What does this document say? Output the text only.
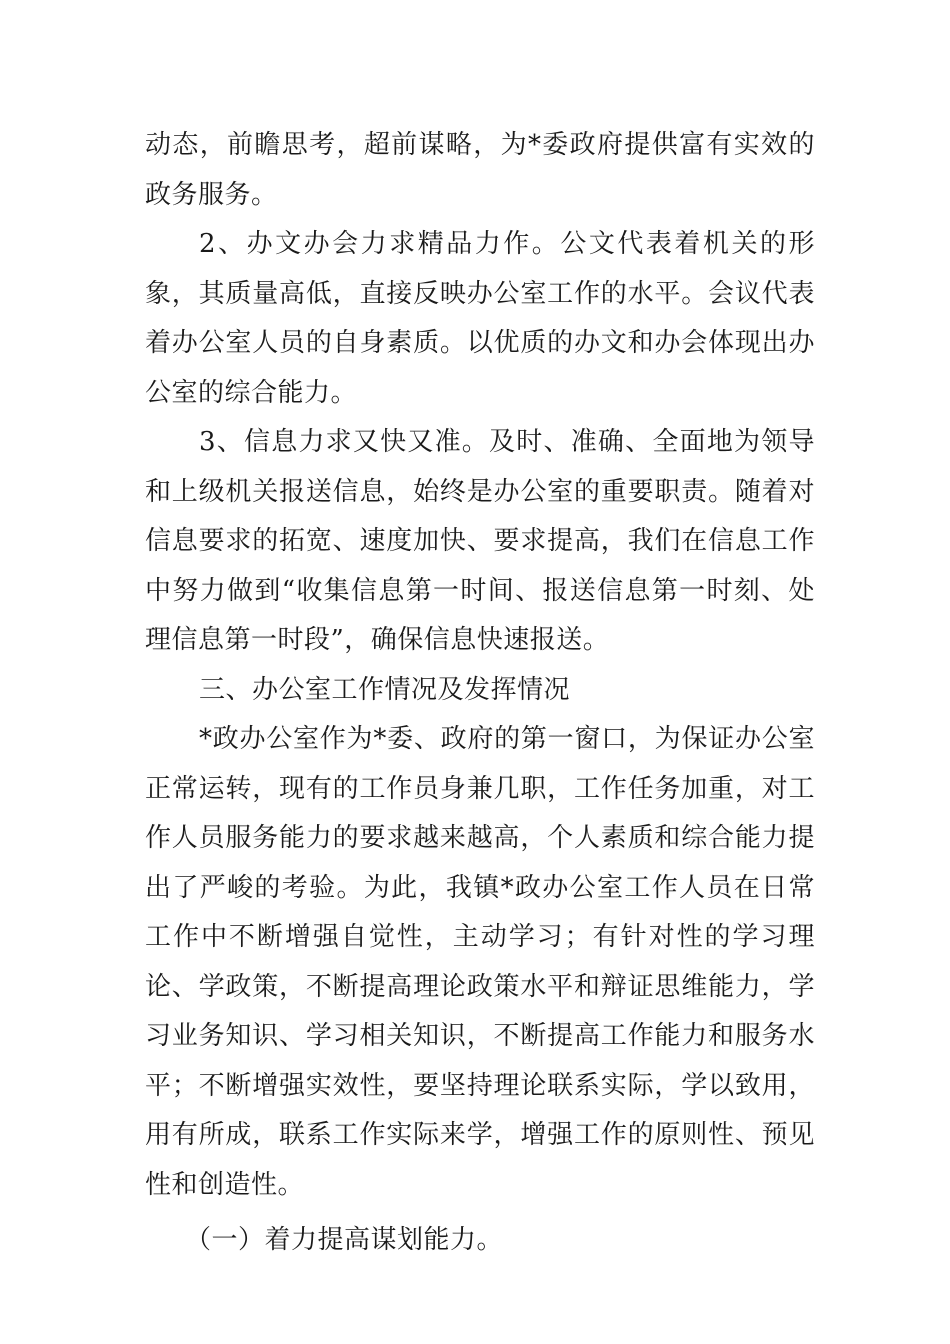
动态，前瞻思考，超前谋略，为*委政府提供富有实效的政务服务。

2、办文办会力求精品力作。公文代表着机关的形象，其质量高低，直接反映办公室工作的水平。会议代表着办公室人员的自身素质。以优质的办文和办会体现出办公室的综合能力。

3、信息力求又快又准。及时、准确、全面地为领导和上级机关报送信息，始终是办公室的重要职责。随着对信息要求的拓宽、速度加快、要求提高，我们在信息工作中努力做到“收集信息第一时间、报送信息第一时刻、处理信息第一时段”，确保信息快速报送。

三、办公室工作情况及发挥情况

*政办公室作为*委、政府的第一窗口，为保证办公室正常运转，现有的工作员身兼几职，工作任务加重，对工作人员服务能力的要求越来越高，个人素质和综合能力提出了严峻的考验。为此，我镇*政办公室工作人员在日常工作中不断增强自觉性，主动学习；有针对性的学习理论、学政策，不断提高理论政策水平和辩证思维能力，学习业务知识、学习相关知识，不断提高工作能力和服务水平；不断增强实效性，要坚持理论联系实际，学以致用，用有所成，联系工作实际来学，增强工作的原则性、预见性和创造性。

（一）着力提高谋划能力。
